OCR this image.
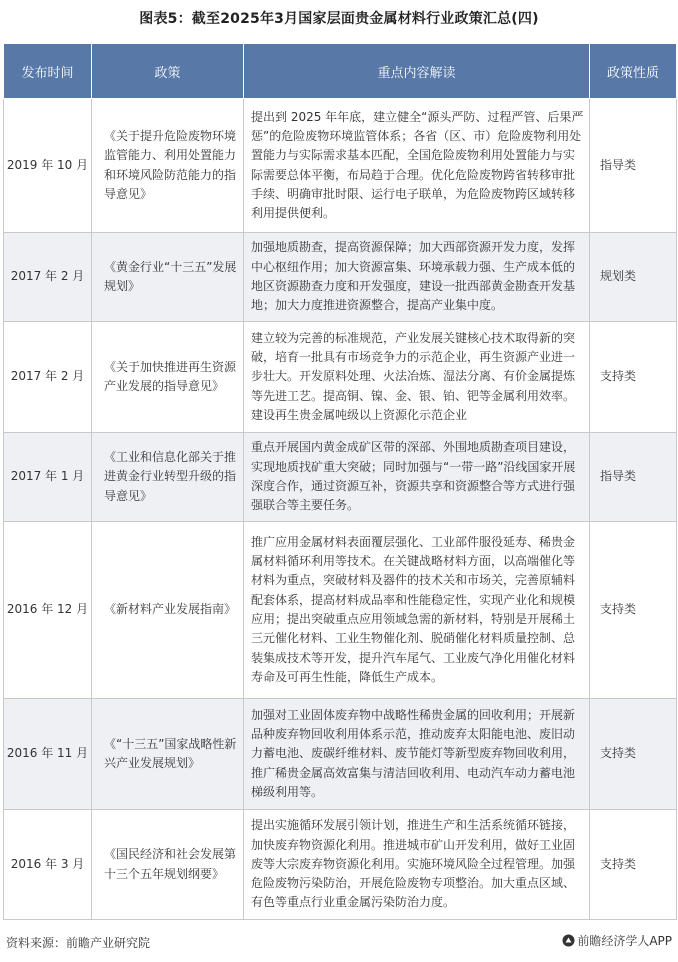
图表5：截至2025年3月国家层面贵金属材料行业政策汇总(四)
发布时间	政策	重点内容解读	政策性质
2019 年 10 月	《关于提升危险废物环境监管能力、利用处置能力和环境风险防范能力的指导意见》	提出到 2025 年年底，建立健全“源头严防、过程严管、后果严惩”的危险废物环境监管体系；各省（区、市）危险废物利用处置能力与实际需求基本匹配，全国危险废物利用处置能力与实际需要总体平衡，布局趋于合理。优化危险废物跨省转移审批手续、明确审批时限、运行电子联单，为危险废物跨区域转移利用提供便利。	指导类
2017 年 2 月	《黄金行业“十三五”发展规划》	加强地质勘查，提高资源保障；加大西部资源开发力度，发挥中心枢纽作用；加大资源富集、环境承载力强、生产成本低的地区资源勘查力度和开发强度，建设一批西部黄金勘查开发基地；加大力度推进资源整合，提高产业集中度。	规划类
2017 年 2 月	《关于加快推进再生资源产业发展的指导意见》	建立较为完善的标准规范，产业发展关键核心技术取得新的突破，培育一批具有市场竞争力的示范企业，再生资源产业进一步壮大。开发原料处理、火法冶炼、湿法分离、有价金属提炼等先进工艺。提高铜、镍、金、银、铂、钯等金属利用效率。建设再生贵金属吨级以上资源化示范企业	支持类
2017 年 1 月	《工业和信息化部关于推进黄金行业转型升级的指导意见》	重点开展国内黄金成矿区带的深部、外围地质勘查项目建设，实现地质找矿重大突破；同时加强与“一带一路”沿线国家开展深度合作，通过资源互补，资源共享和资源整合等方式进行强强联合等主要任务。	指导类
2016 年 12 月	《新材料产业发展指南》	推广应用金属材料表面覆层强化、工业部件服役延寿、稀贵金属材料循环利用等技术。在关键战略材料方面，以高端催化等材料为重点，突破材料及器件的技术关和市场关，完善原辅料配套体系，提高材料成品率和性能稳定性，实现产业化和规模应用；提出突破重点应用领域急需的新材料，特别是开展稀土三元催化材料、工业生物催化剂、脱硝催化材料质量控制、总装集成技术等开发，提升汽车尾气、工业废气净化用催化材料寿命及可再生性能，降低生产成本。	支持类
2016 年 11 月	《“十三五”国家战略性新兴产业发展规划》	加强对工业固体废弃物中战略性稀贵金属的回收利用；开展新品种废弃物回收利用体系示范，推动废弃太阳能电池、废旧动力蓄电池、废碳纤维材料、废节能灯等新型废弃物回收利用，推广稀贵金属高效富集与清洁回收利用、电动汽车动力蓄电池梯级利用等。	支持类
2016 年 3 月	《国民经济和社会发展第十三个五年规划纲要》	提出实施循环发展引领计划，推进生产和生活系统循环链接，加快废弃物资源化利用。推进城市矿山开发利用，做好工业固废等大宗废弃物资源化利用。实施环境风险全过程管理。加强危险废物污染防治，开展危险废物专项整治。加大重点区域、有色等重点行业重金属污染防治力度。	支持类
资料来源：前瞻产业研究院	前瞻经济学人APP
